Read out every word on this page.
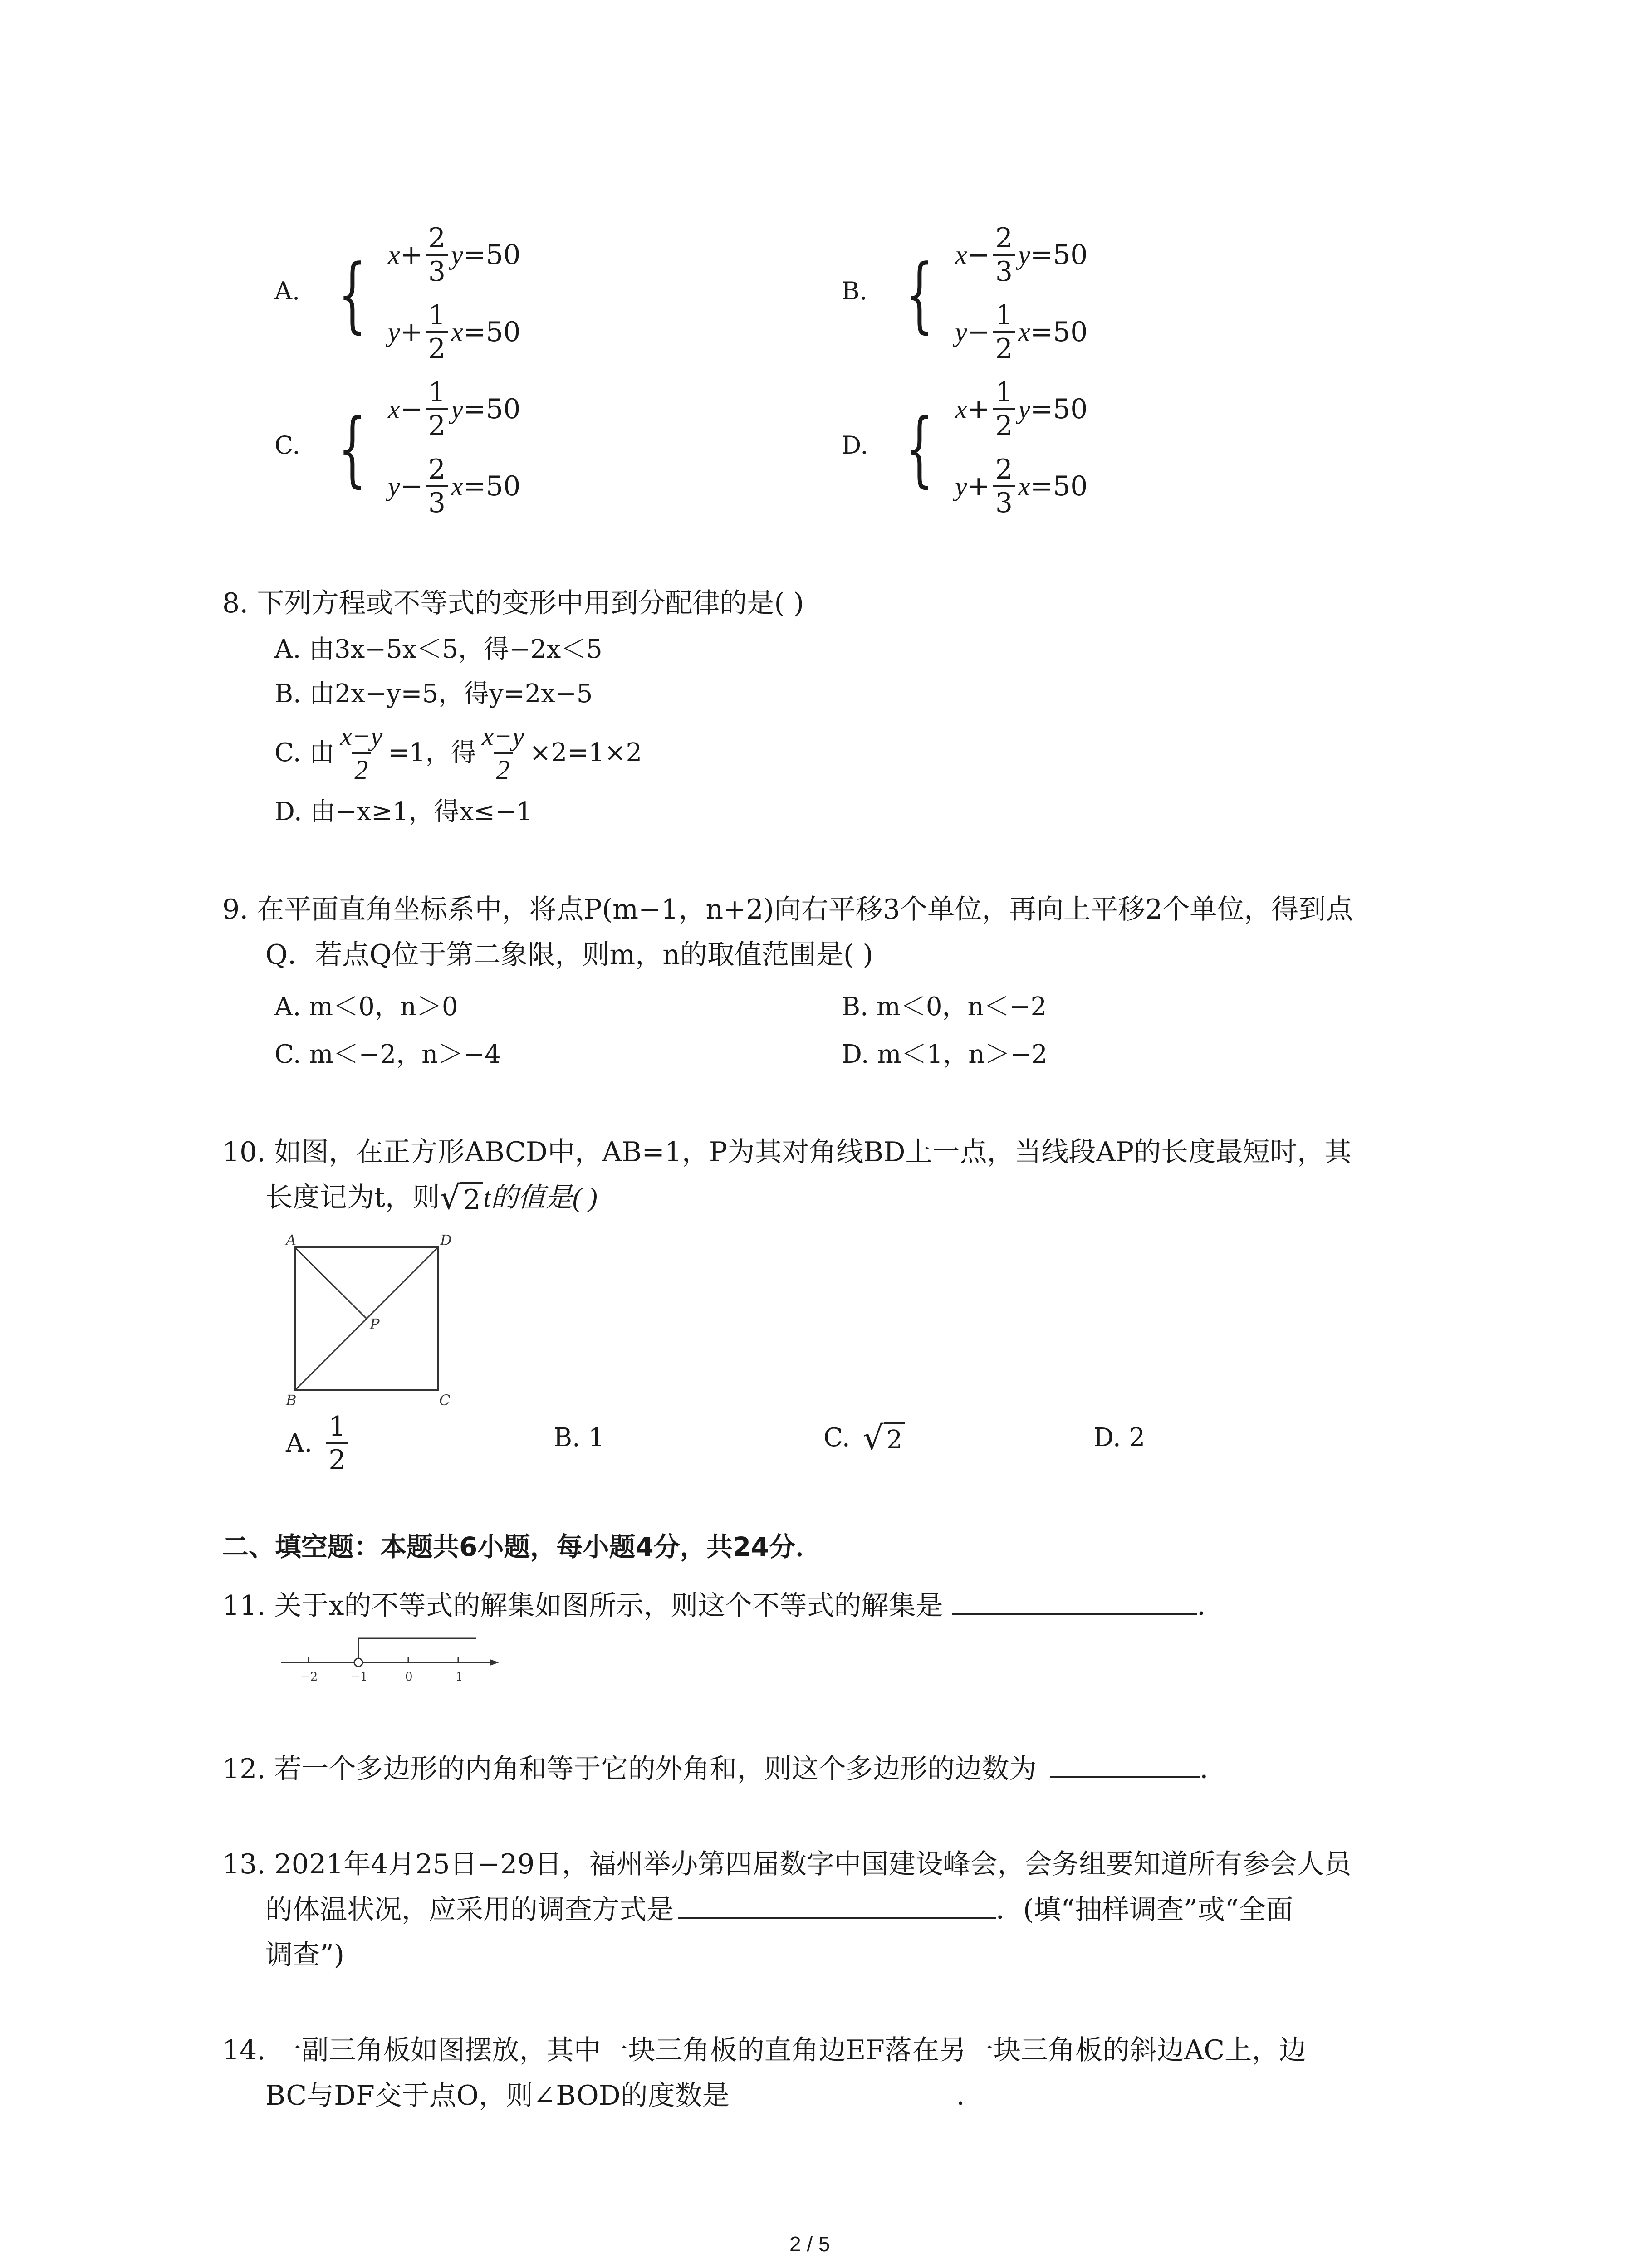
A. { $x + \frac{2}{3}$ y =50
$y + \frac{1}{2}$ x =50
B. { $x - \frac{2}{3}$ y =50
$y - \frac{1}{2}$ x =50
C. { $x - \frac{1}{2}$ y =50
$y - \frac{2}{3}$ x =50
D. { $x + \frac{1}{2}$ y =50
$y + \frac{2}{3}$ x =50
8. 下列方程或不等式的变形中用到分配律的是( )
A. 由3x−5x＜5，得−2x＜5
B. 由2x−y=5，得y=2x−5
C. 由 $\frac{x-y}{2} =1$，得 $\frac{x-y}{2} \times 2=1\times 2$
D. 由−x≥1，得x≤−1
9. 在平面直角坐标系中，将点P(m−1，n+2)向右平移3个单位，再向上平移2个单位，得到点
Q．若点Q位于第二象限，则m，n的取值范围是( )
A. m＜0，n＞0	B. m＜0，n＜−2
C. m＜−2，n＞−4	D. m＜1，n＞−2
10. 如图，在正方形ABCD中，AB=1，P为其对角线BD上一点，当线段AP的长度最短时，其
长度记为t，则 √ 2 t的值是( )
A	D
B	C
P
A. $\frac{1}{2}$	B. 1	C. √ 2	D. 2
二、填空题：本题共6小题，每小题4分，共24分．
11. 关于x的不等式的解集如图所示，则这个不等式的解集是	．
−2	−1	0	1
12. 若一个多边形的内角和等于它的外角和，则这个多边形的边数为	．
13. 2021年4月25日−29日，福州举办第四届数字中国建设峰会，会务组要知道所有参会人员
的体温状况，应采用的调查方式是	．(填“抽样调查”或“全面
调查”)
14. 一副三角板如图摆放，其中一块三角板的直角边EF落在另一块三角板的斜边AC上，边
BC与DF交于点O，则∠BOD的度数是	．
2 / 5
